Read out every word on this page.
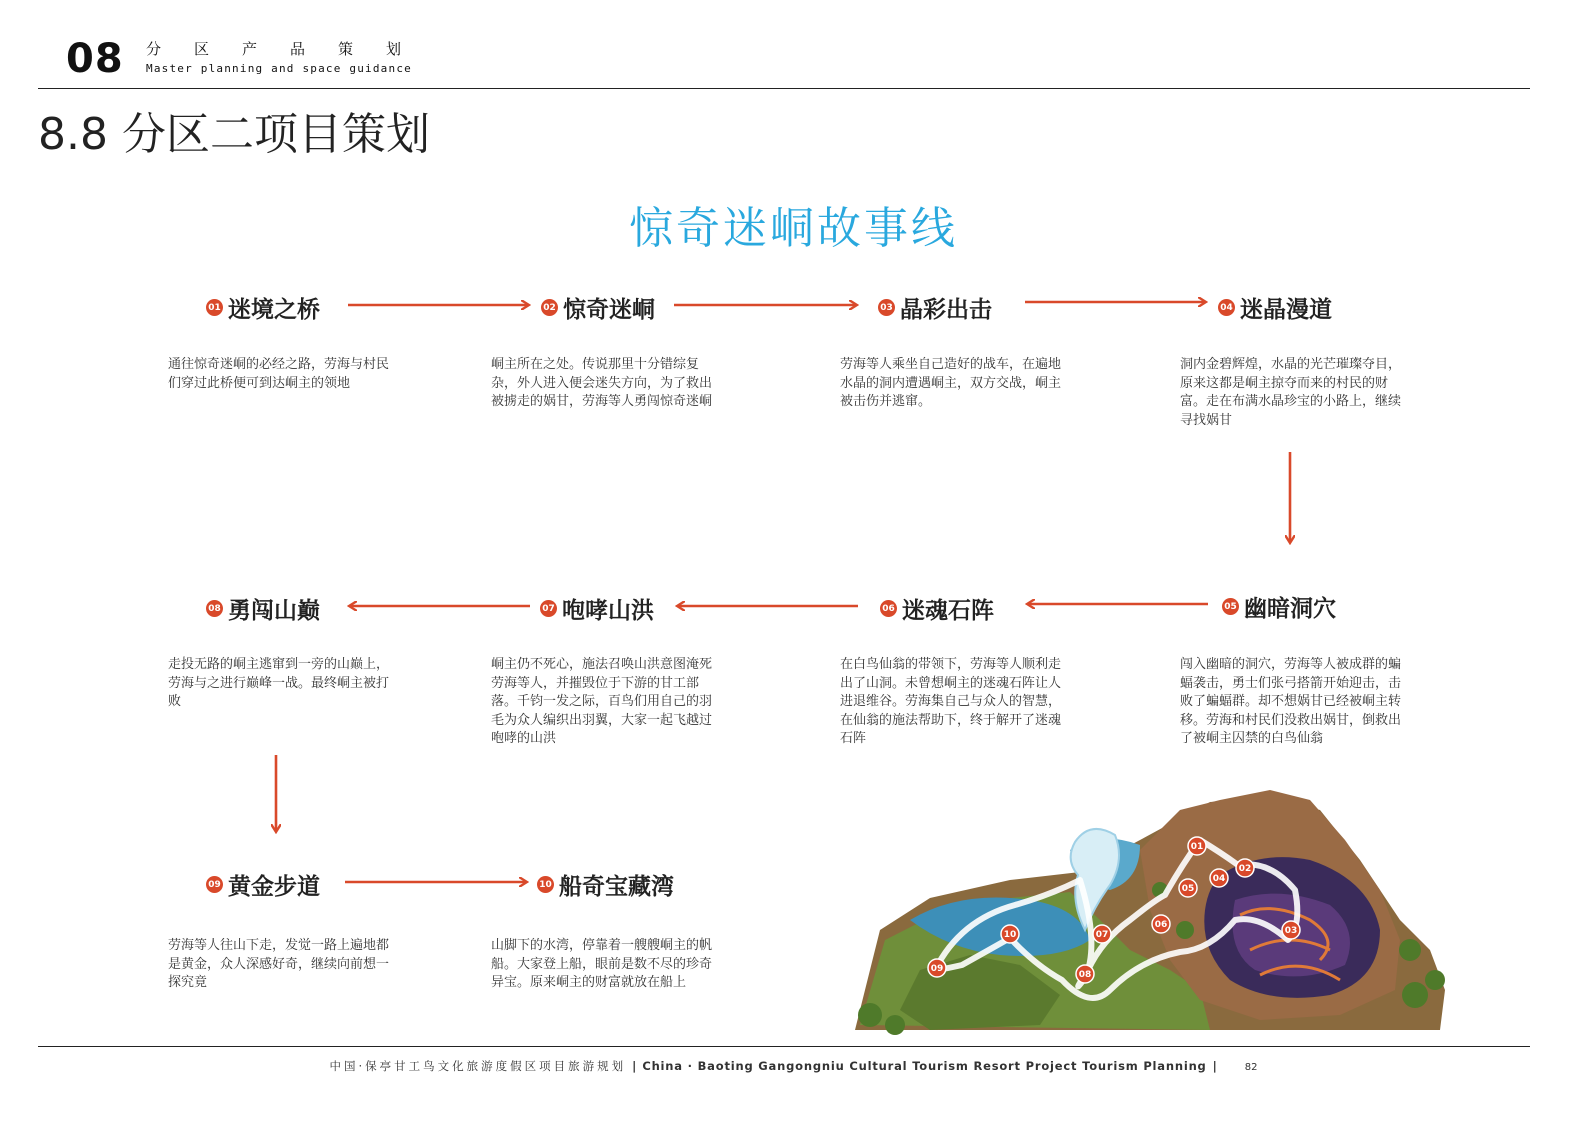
08 分区产品策划
Master planning and space guidance
8.8 分区二项目策划
惊奇迷峒故事线
01 迷境之桥	02 惊奇迷峒	03 晶彩出击	04 迷晶漫道
通往惊奇迷峒的必经之路，劳海与村民们穿过此桥便可到达峒主的领地
峒主所在之处。传说那里十分错综复杂，外人进入便会迷失方向，为了救出被掳走的娲甘，劳海等人勇闯惊奇迷峒
劳海等人乘坐自己造好的战车，在遍地水晶的洞内遭遇峒主，双方交战，峒主被击伤并逃窜。
洞内金碧辉煌，水晶的光芒璀璨夺目，原来这都是峒主掠夺而来的村民的财富。走在布满水晶珍宝的小路上，继续寻找娲甘
08 勇闯山巅	07 咆哮山洪	06 迷魂石阵	05 幽暗洞穴
走投无路的峒主逃窜到一旁的山巅上，劳海与之进行巅峰一战。最终峒主被打败
峒主仍不死心，施法召唤山洪意图淹死劳海等人，并摧毁位于下游的甘工部落。千钧一发之际，百鸟们用自己的羽毛为众人编织出羽翼，大家一起飞越过咆哮的山洪
在白鸟仙翁的带领下，劳海等人顺利走出了山洞。未曾想峒主的迷魂石阵让人进退维谷。劳海集自己与众人的智慧，在仙翁的施法帮助下，终于解开了迷魂石阵
闯入幽暗的洞穴，劳海等人被成群的蝙蝠袭击，勇士们张弓搭箭开始迎击，击败了蝙蝠群。却不想娲甘已经被峒主转移。劳海和村民们没救出娲甘，倒救出了被峒主囚禁的白鸟仙翁
09 黄金步道	10 船奇宝藏湾
劳海等人往山下走，发觉一路上遍地都是黄金，众人深感好奇，继续向前想一探究竟
山脚下的水湾，停靠着一艘艘峒主的帆船。大家登上船，眼前是数不尽的珍奇异宝。原来峒主的财富就放在船上
01
02
03
04
05
06
07
08
09
10
中国·保亭甘工鸟文化旅游度假区项目旅游规划 | China · Baoting Gangongniu Cultural Tourism Resort Project Tourism Planning |	82
